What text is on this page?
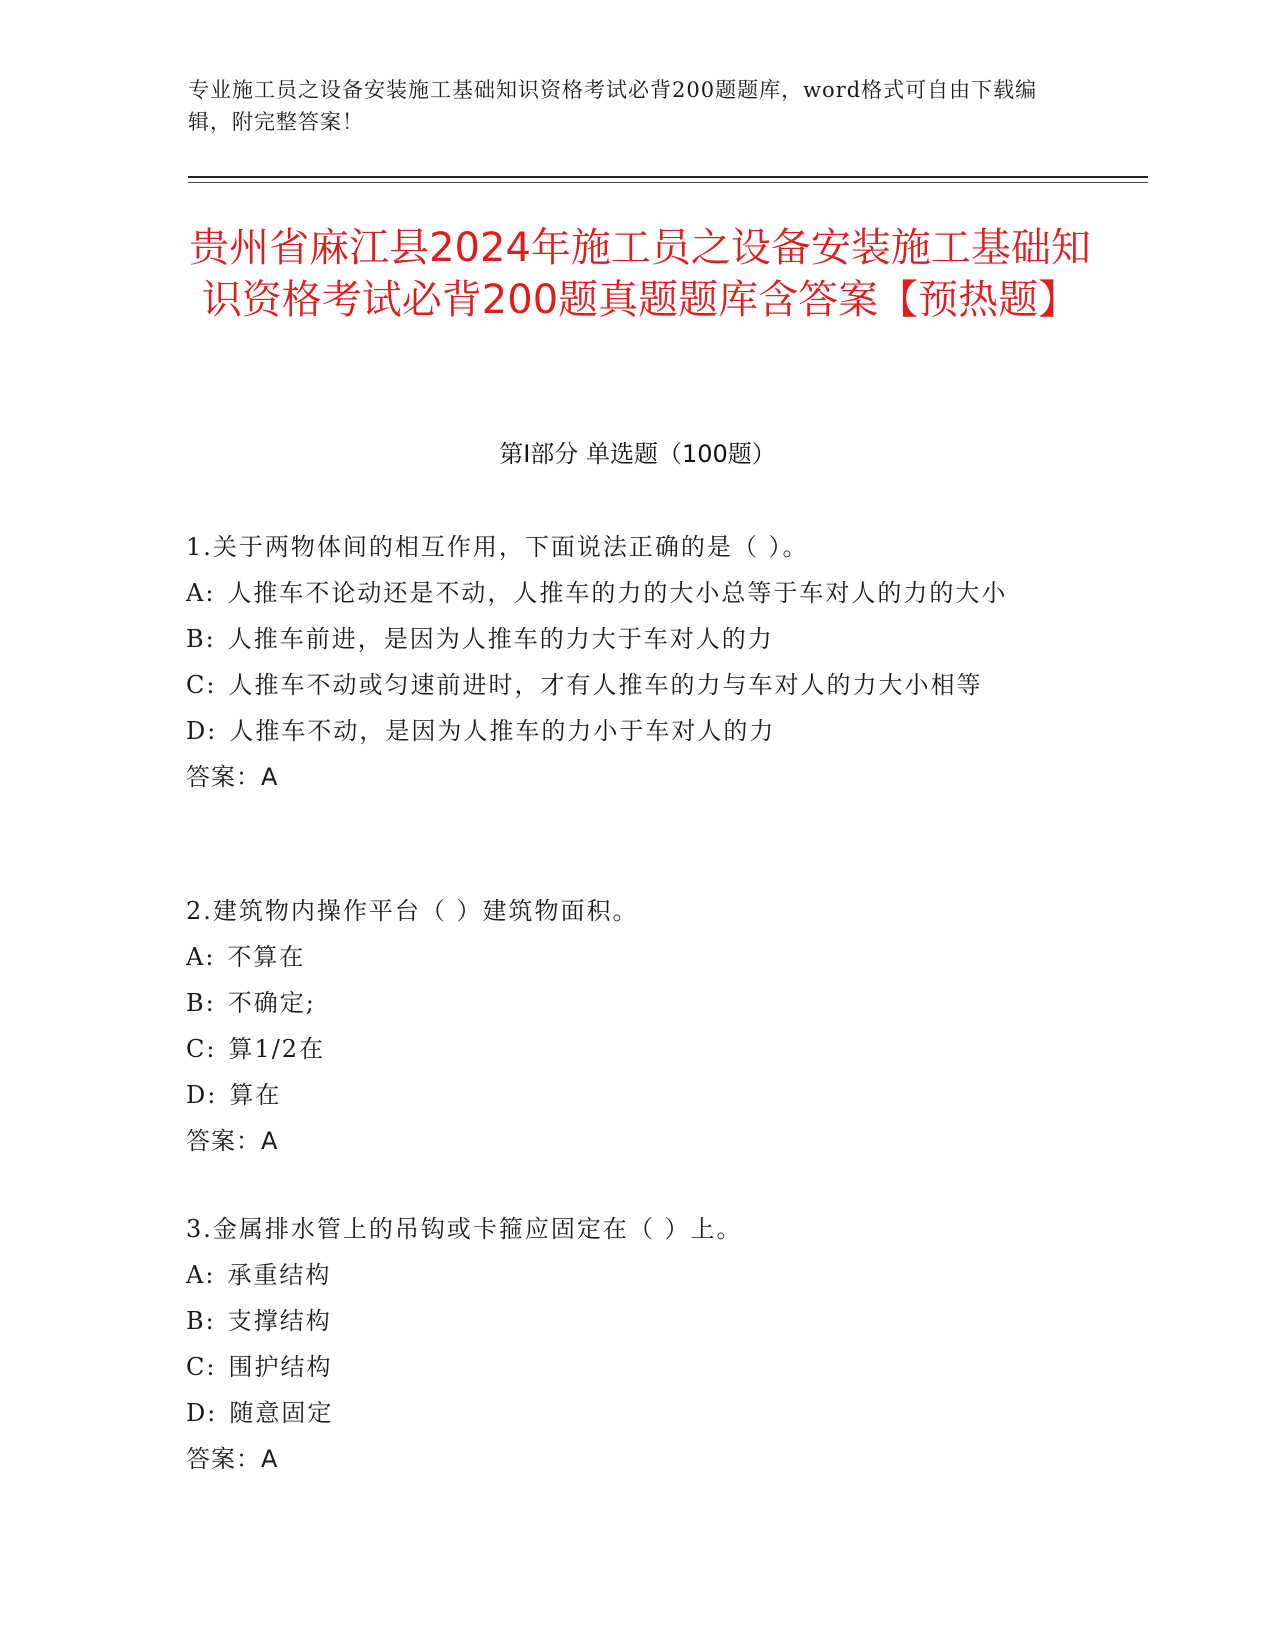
专业施工员之设备安装施工基础知识资格考试必背200题题库，word格式可自由下载编辑，附完整答案！
贵州省麻江县2024年施工员之设备安装施工基础知识资格考试必背200题真题题库含答案【预热题】
第Ⅰ部分 单选题（100题）
1.关于两物体间的相互作用，下面说法正确的是（ ）。
A: 人推车不论动还是不动，人推车的力的大小总等于车对人的力的大小
B: 人推车前进，是因为人推车的力大于车对人的力
C: 人推车不动或匀速前进时，才有人推车的力与车对人的力大小相等
D: 人推车不动，是因为人推车的力小于车对人的力
答案：A
2.建筑物内操作平台（ ）建筑物面积。
A: 不算在
B: 不确定;
C: 算1/2在
D: 算在
答案：A
3.金属排水管上的吊钩或卡箍应固定在（ ）上。
A: 承重结构
B: 支撑结构
C: 围护结构
D: 随意固定
答案：A
